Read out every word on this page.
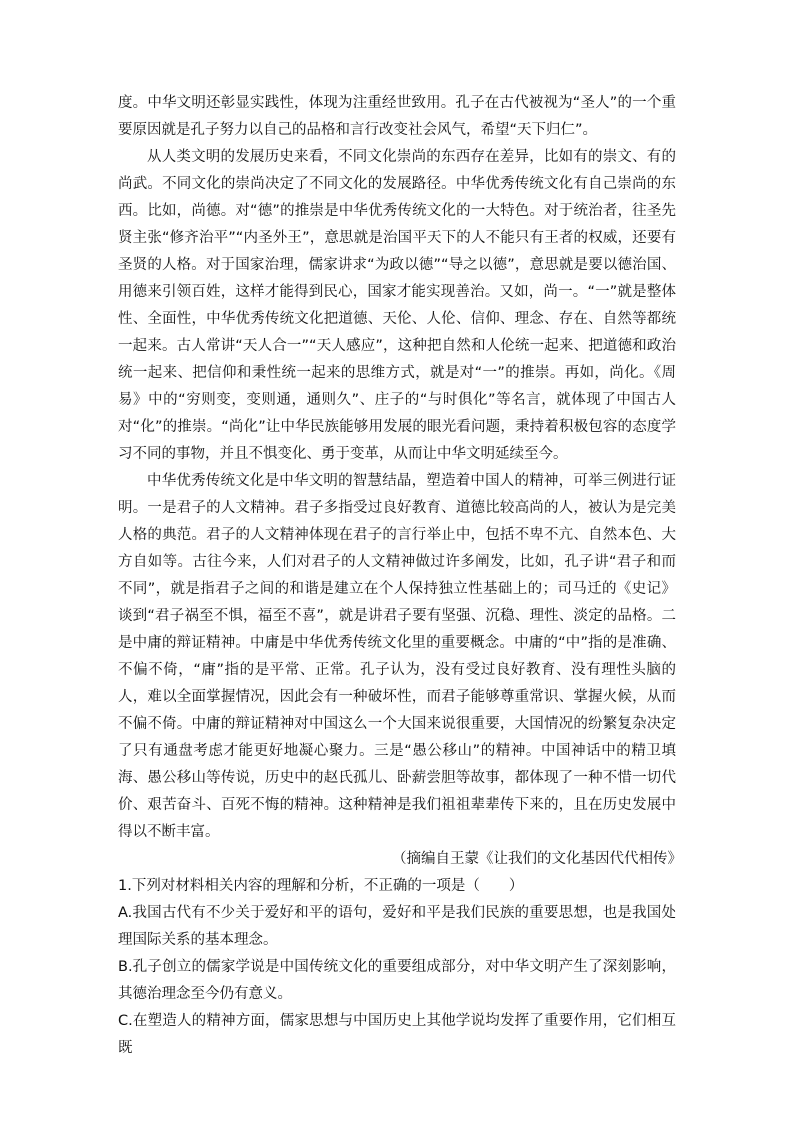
度。中华文明还彰显实践性，体现为注重经世致用。孔子在古代被视为“圣人”的一个重要原因就是孔子努力以自己的品格和言行改变社会风气，希望“天下归仁”。

从人类文明的发展历史来看，不同文化崇尚的东西存在差异，比如有的崇文、有的尚武。不同文化的崇尚决定了不同文化的发展路径。中华优秀传统文化有自己崇尚的东西。比如，尚德。对“德”的推崇是中华优秀传统文化的一大特色。对于统治者，往圣先贤主张“修齐治平”“内圣外王”，意思就是治国平天下的人不能只有王者的权威，还要有圣贤的人格。对于国家治理，儒家讲求“为政以德”“导之以德”，意思就是要以德治国、用德来引领百姓，这样才能得到民心，国家才能实现善治。又如，尚一。“一”就是整体性、全面性，中华优秀传统文化把道德、天伦、人伦、信仰、理念、存在、自然等都统一起来。古人常讲“天人合一”“天人感应”，这种把自然和人伦统一起来、把道德和政治统一起来、把信仰和秉性统一起来的思维方式，就是对“一”的推崇。再如，尚化。《周易》中的“穷则变，变则通，通则久”、庄子的“与时俱化”等名言，就体现了中国古人对“化”的推崇。“尚化”让中华民族能够用发展的眼光看问题，秉持着积极包容的态度学习不同的事物，并且不惧变化、勇于变革，从而让中华文明延续至今。

中华优秀传统文化是中华文明的智慧结晶，塑造着中国人的精神，可举三例进行证明。一是君子的人文精神。君子多指受过良好教育、道德比较高尚的人，被认为是完美人格的典范。君子的人文精神体现在君子的言行举止中，包括不卑不亢、自然本色、大方自如等。古往今来，人们对君子的人文精神做过许多阐发，比如，孔子讲“君子和而不同”，就是指君子之间的和谐是建立在个人保持独立性基础上的；司马迁的《史记》谈到“君子祸至不惧，福至不喜”，就是讲君子要有坚强、沉稳、理性、淡定的品格。二是中庸的辩证精神。中庸是中华优秀传统文化里的重要概念。中庸的“中”指的是准确、不偏不倚，“庸”指的是平常、正常。孔子认为，没有受过良好教育、没有理性头脑的人，难以全面掌握情况，因此会有一种破坏性，而君子能够尊重常识、掌握火候，从而不偏不倚。中庸的辩证精神对中国这么一个大国来说很重要，大国情况的纷繁复杂决定了只有通盘考虑才能更好地凝心聚力。三是“愚公移山”的精神。中国神话中的精卫填海、愚公移山等传说，历史中的赵氏孤儿、卧薪尝胆等故事，都体现了一种不惜一切代价、艰苦奋斗、百死不悔的精神。这种精神是我们祖祖辈辈传下来的，且在历史发展中得以不断丰富。

（摘编自王蒙《让我们的文化基因代代相传》

1.下列对材料相关内容的理解和分析，不正确的一项是（　　）

A.我国古代有不少关于爱好和平的语句，爱好和平是我们民族的重要思想，也是我国处理国际关系的基本理念。

B.孔子创立的儒家学说是中国传统文化的重要组成部分，对中华文明产生了深刻影响，其德治理念至今仍有意义。

C.在塑造人的精神方面，儒家思想与中国历史上其他学说均发挥了重要作用，它们相互既
